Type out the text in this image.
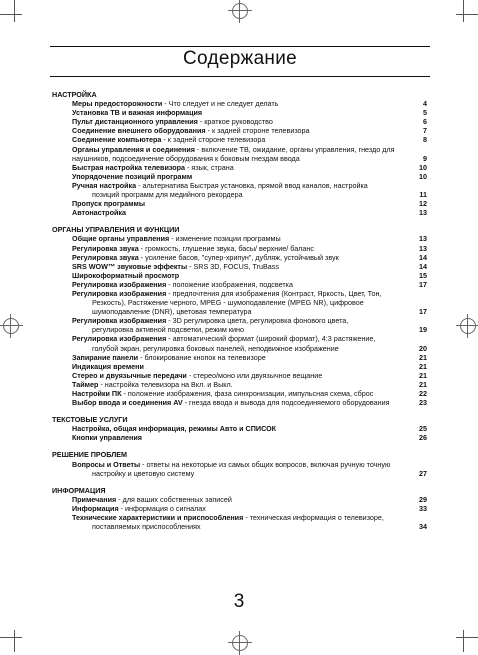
Содержание
НАСТРОЙКА
Меры предосторожности - Что следует и не следует делать	4
Установка ТВ и важная информация	5
Пульт дистанционного управления - краткое руководство	6
Соединение внешнего оборудования - к задней стороне телевизора	7
Соединение компьютера - к задней стороне телевизора	8
Органы управления и соединения - включение ТВ, ожидание, органы управления, гнездо для наушников, подсоединение оборудования к боковым гнездам ввода	9
Быстрая настройка телевизора - язык, страна	10
Упорядочение позиций программ	10
Ручная настройка - альтернатива Быстрая установка, прямой ввод каналов, настройка
позиций программ для медийного рекордера	11
Пропуск программы	12
Автонастройка	13
ОРГАНЫ УПРАВЛЕНИЯ И ФУНКЦИИ
Общие органы управления - изменение позиции программы	13
Регулировка звука - громкость, глушение звука, басы/ верхние/ баланс	13
Регулировка звука - усиление басов, "супер-хрипун", дубляж, устойчивый звук	14
SRS WOW™ звуковые эффекты - SRS 3D, FOCUS, TruBass	14
Широкоформатный просмотр	15
Регулировка изображения - положение изображения, подсветка	17
Регулировка изображения - предпочтения для изображения (Контраст, Яркость, Цвет, Тон,
Резкость), Растяжение черного, MPEG - шумоподавление (MPEG NR), цифровое шумоподавление (DNR), цветовая температура	17
Регулировка изображения - 3D регулировка цвета, регулировка фонового цвета,
регулировка активной подсветки, режим кино	19
Регулировка изображения - автоматический формат (широкий формат), 4:3 растяжение,
голубой экран, регулировка боковых панелей, неподвижное изображение	20
Запирание панели - блокирование кнопок на телевизоре	21
Индикация времени	21
Стерео и двуязычные передачи - стерео/моно или двуязычное вещание	21
Таймер - настройка телевизора на Вкл. и Выкл.	21
Настройки ПК - положение изображения, фаза синхронизации, импульсная схема, сброс	22
Выбор ввода и соединения AV - гнезда ввода и вывода для подсоединяемого оборудования	23
ТЕКСТОВЫЕ УСЛУГИ
Настройка, общая информация, режимы Авто и СПИСОК	25
Кнопки управления	26
РЕШЕНИЕ ПРОБЛЕМ
Вопросы и Ответы - ответы на некоторые из самых общих вопросов, включая ручную точную
настройку и цветовую систему	27
ИНФОРМАЦИЯ
Примечания - для ваших собственных записей	29
Информация - информация о сигналах	33
Технические характеристики и приспособления - техническая информация о телевизоре,
поставляемых приспособлениях	34
3
